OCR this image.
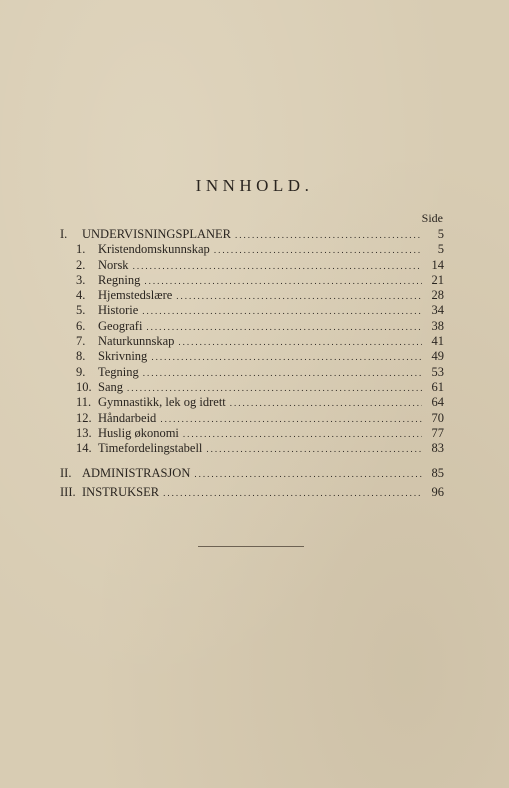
INNHOLD.
Side
I.	UNDERVISNINGSPLANER .....	5
1.	Kristendomskunnskap .....	5
2.	Norsk .....	14
3.	Regning .....	21
4.	Hjemstedslære .....	28
5.	Historie .....	34
6.	Geografi .....	38
7.	Naturkunnskap .....	41
8.	Skrivning .....	49
9.	Tegning .....	53
10. Sang .....	61
11. Gymnastikk, lek og idrett .....	64
12. Håndarbeid .....	70
13. Huslig økonomi .....	77
14. Timefordelingstabell .....	83
II. ADMINISTRASJON .....	85
III. INSTRUKSER .....	96
